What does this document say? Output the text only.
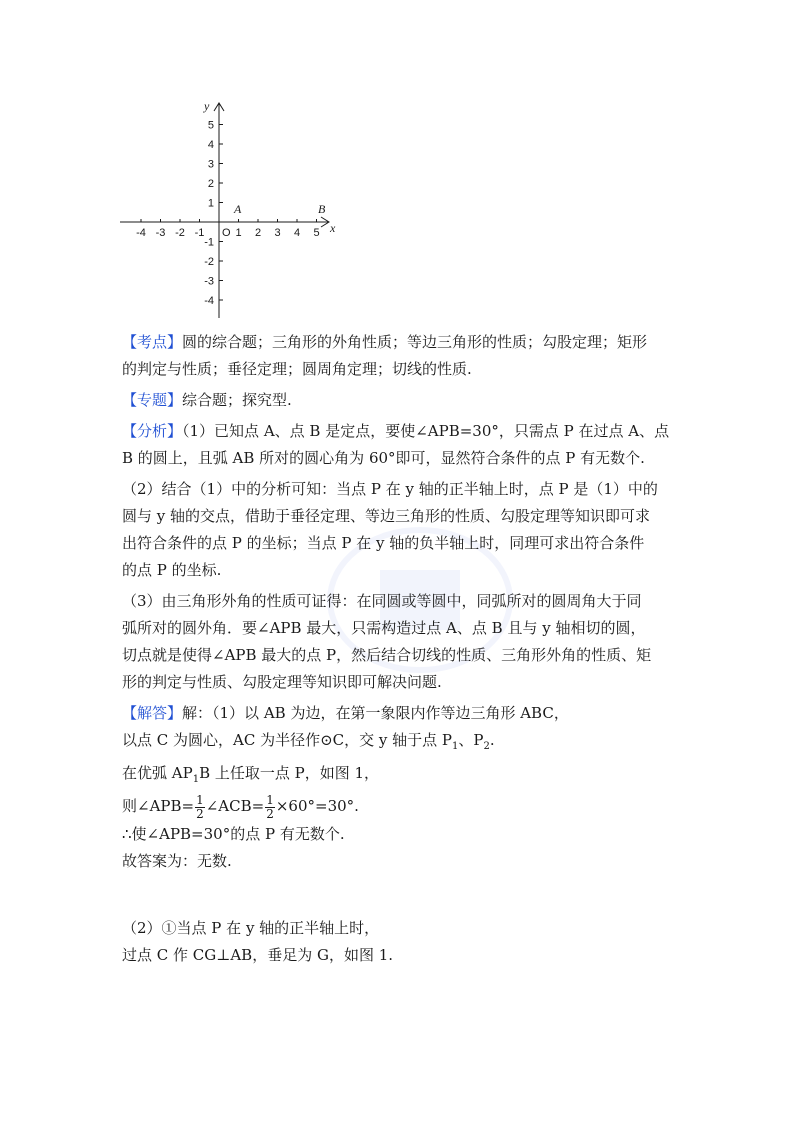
-4 -3 -2 -1	1 2 3 4 5
5
4
3
2
1
-1
-2
-3
-4
x
y
O
A	B

【考点】圆的综合题；三角形的外角性质；等边三角形的性质；勾股定理；矩形
的判定与性质；垂径定理；圆周角定理；切线的性质.

【专题】综合题；探究型.

【分析】（1）已知点 A、点 B 是定点，要使∠APB=30°，只需点 P 在过点 A、点
B 的圆上，且弧 AB 所对的圆心角为 60°即可，显然符合条件的点 P 有无数个.

（2）结合（1）中的分析可知：当点 P 在 y 轴的正半轴上时，点 P 是（1）中的
圆与 y 轴的交点，借助于垂径定理、等边三角形的性质、勾股定理等知识即可求
出符合条件的点 P 的坐标；当点 P 在 y 轴的负半轴上时，同理可求出符合条件
的点 P 的坐标.

（3）由三角形外角的性质可证得：在同圆或等圆中，同弧所对的圆周角大于同
弧所对的圆外角．要∠APB 最大，只需构造过点 A、点 B 且与 y 轴相切的圆，
切点就是使得∠APB 最大的点 P，然后结合切线的性质、三角形外角的性质、矩
形的判定与性质、勾股定理等知识即可解决问题.

【解答】解：（1）以 AB 为边，在第一象限内作等边三角形 ABC，
以点 C 为圆心，AC 为半径作⊙C，交 y 轴于点 $P_1$、$P_2$.
在优弧 $AP_1B$ 上任取一点 P，如图 1，
则∠APB= $\frac{1}{2}$ ∠ACB= $\frac{1}{2} \times 60^\circ=30^\circ$.
∴使∠APB=30°的点 P 有无数个.
故答案为：无数.

（2）①当点 P 在 y 轴的正半轴上时，
过点 C 作 CG⊥AB，垂足为 G，如图 1.
